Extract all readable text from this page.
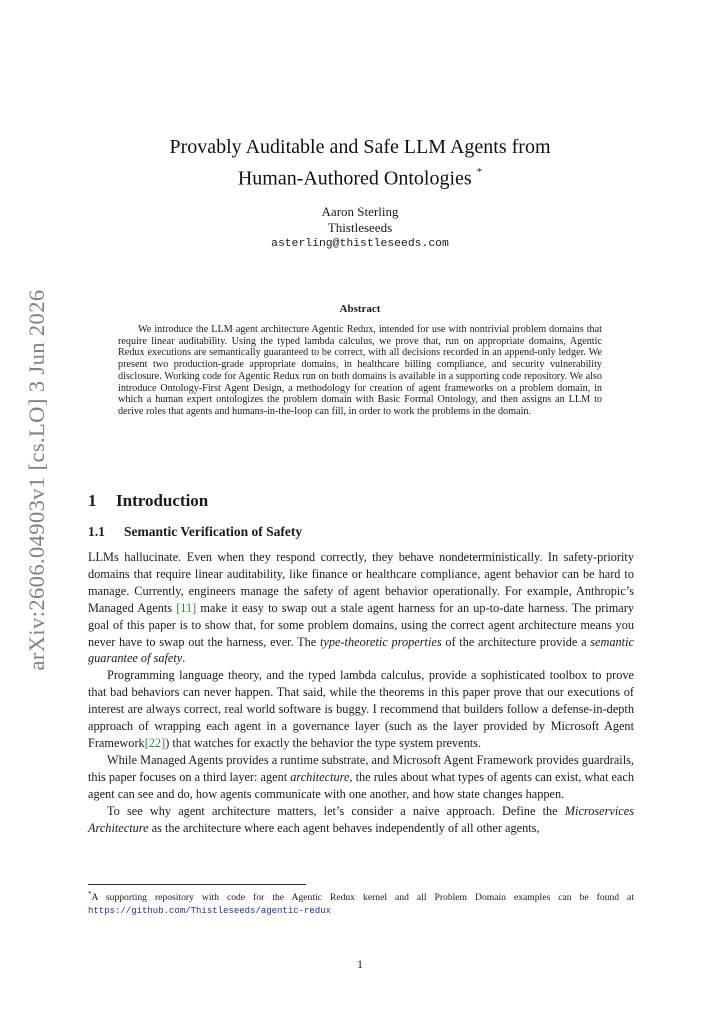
arXiv:2606.04903v1 [cs.LO] 3 Jun 2026
Provably Auditable and Safe LLM Agents from
Human-Authored Ontologies *
Aaron Sterling
Thistleseeds
asterling@thistleseeds.com
Abstract

We introduce the LLM agent architecture Agentic Redux, intended for use with nontrivial problem domains that require linear auditability. Using the typed lambda calculus, we prove that, run on appropriate domains, Agentic Redux executions are semantically guaranteed to be correct, with all decisions recorded in an append-only ledger. We present two production-grade appropriate domains, in healthcare billing compliance, and security vulnerability disclosure. Working code for Agentic Redux run on both domains is available in a supporting code repository. We also introduce Ontology-First Agent Design, a methodology for creation of agent frameworks on a problem domain, in which a human expert ontologizes the problem domain with Basic Formal Ontology, and then assigns an LLM to derive roles that agents and humans-in-the-loop can fill, in order to work the problems in the domain.

1 Introduction
1.1 Semantic Verification of Safety

LLMs hallucinate. Even when they respond correctly, they behave nondeterministically. In safety-priority domains that require linear auditability, like finance or healthcare compliance, agent behavior can be hard to manage. Currently, engineers manage the safety of agent behavior operationally. For example, Anthropic’s Managed Agents [11] make it easy to swap out a stale agent harness for an up-to-date harness. The primary goal of this paper is to show that, for some problem domains, using the correct agent architecture means you never have to swap out the harness, ever. The type-theoretic properties of the architecture provide a semantic guarantee of safety.

Programming language theory, and the typed lambda calculus, provide a sophisticated toolbox to prove that bad behaviors can never happen. That said, while the theorems in this paper prove that our executions of interest are always correct, real world software is buggy. I recommend that builders follow a defense-in-depth approach of wrapping each agent in a governance layer (such as the layer provided by Microsoft Agent Framework[22]) that watches for exactly the behavior the type system prevents.

While Managed Agents provides a runtime substrate, and Microsoft Agent Framework provides guardrails, this paper focuses on a third layer: agent architecture, the rules about what types of agents can exist, what each agent can see and do, how agents communicate with one another, and how state changes happen.

To see why agent architecture matters, let’s consider a naive approach. Define the Microservices Architecture as the architecture where each agent behaves independently of all other agents,

*A supporting repository with code for the Agentic Redux kernel and all Problem Domain examples can be found at https://github.com/Thistleseeds/agentic-redux

1
